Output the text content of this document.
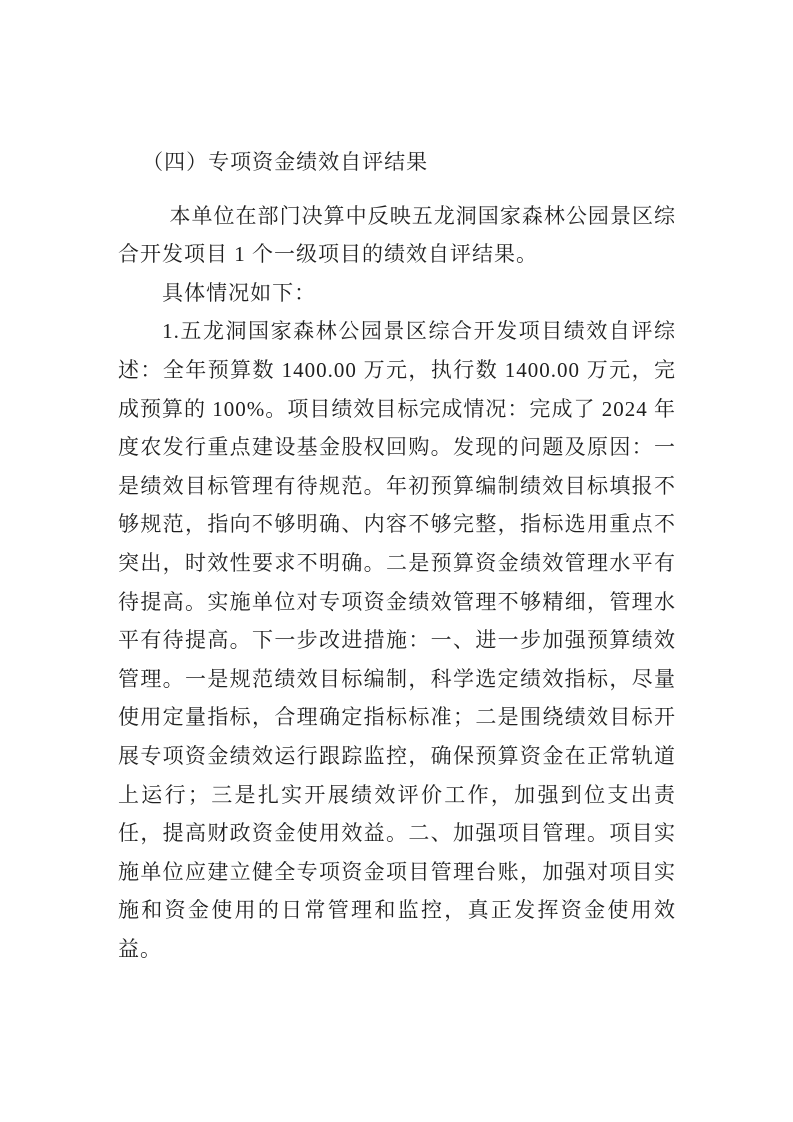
（四）专项资金绩效自评结果

本单位在部门决算中反映五龙洞国家森林公园景区综合开发项目 1 个一级项目的绩效自评结果。

具体情况如下：

1.五龙洞国家森林公园景区综合开发项目绩效自评综述：全年预算数 1400.00 万元，执行数 1400.00 万元，完成预算的 100%。项目绩效目标完成情况：完成了 2024 年度农发行重点建设基金股权回购。发现的问题及原因：一是绩效目标管理有待规范。年初预算编制绩效目标填报不够规范，指向不够明确、内容不够完整，指标选用重点不突出，时效性要求不明确。二是预算资金绩效管理水平有待提高。实施单位对专项资金绩效管理不够精细，管理水平有待提高。下一步改进措施：一、进一步加强预算绩效管理。一是规范绩效目标编制，科学选定绩效指标，尽量使用定量指标，合理确定指标标准；二是围绕绩效目标开展专项资金绩效运行跟踪监控，确保预算资金在正常轨道上运行；三是扎实开展绩效评价工作，加强到位支出责任，提高财政资金使用效益。二、加强项目管理。项目实施单位应建立健全专项资金项目管理台账，加强对项目实施和资金使用的日常管理和监控，真正发挥资金使用效益。
